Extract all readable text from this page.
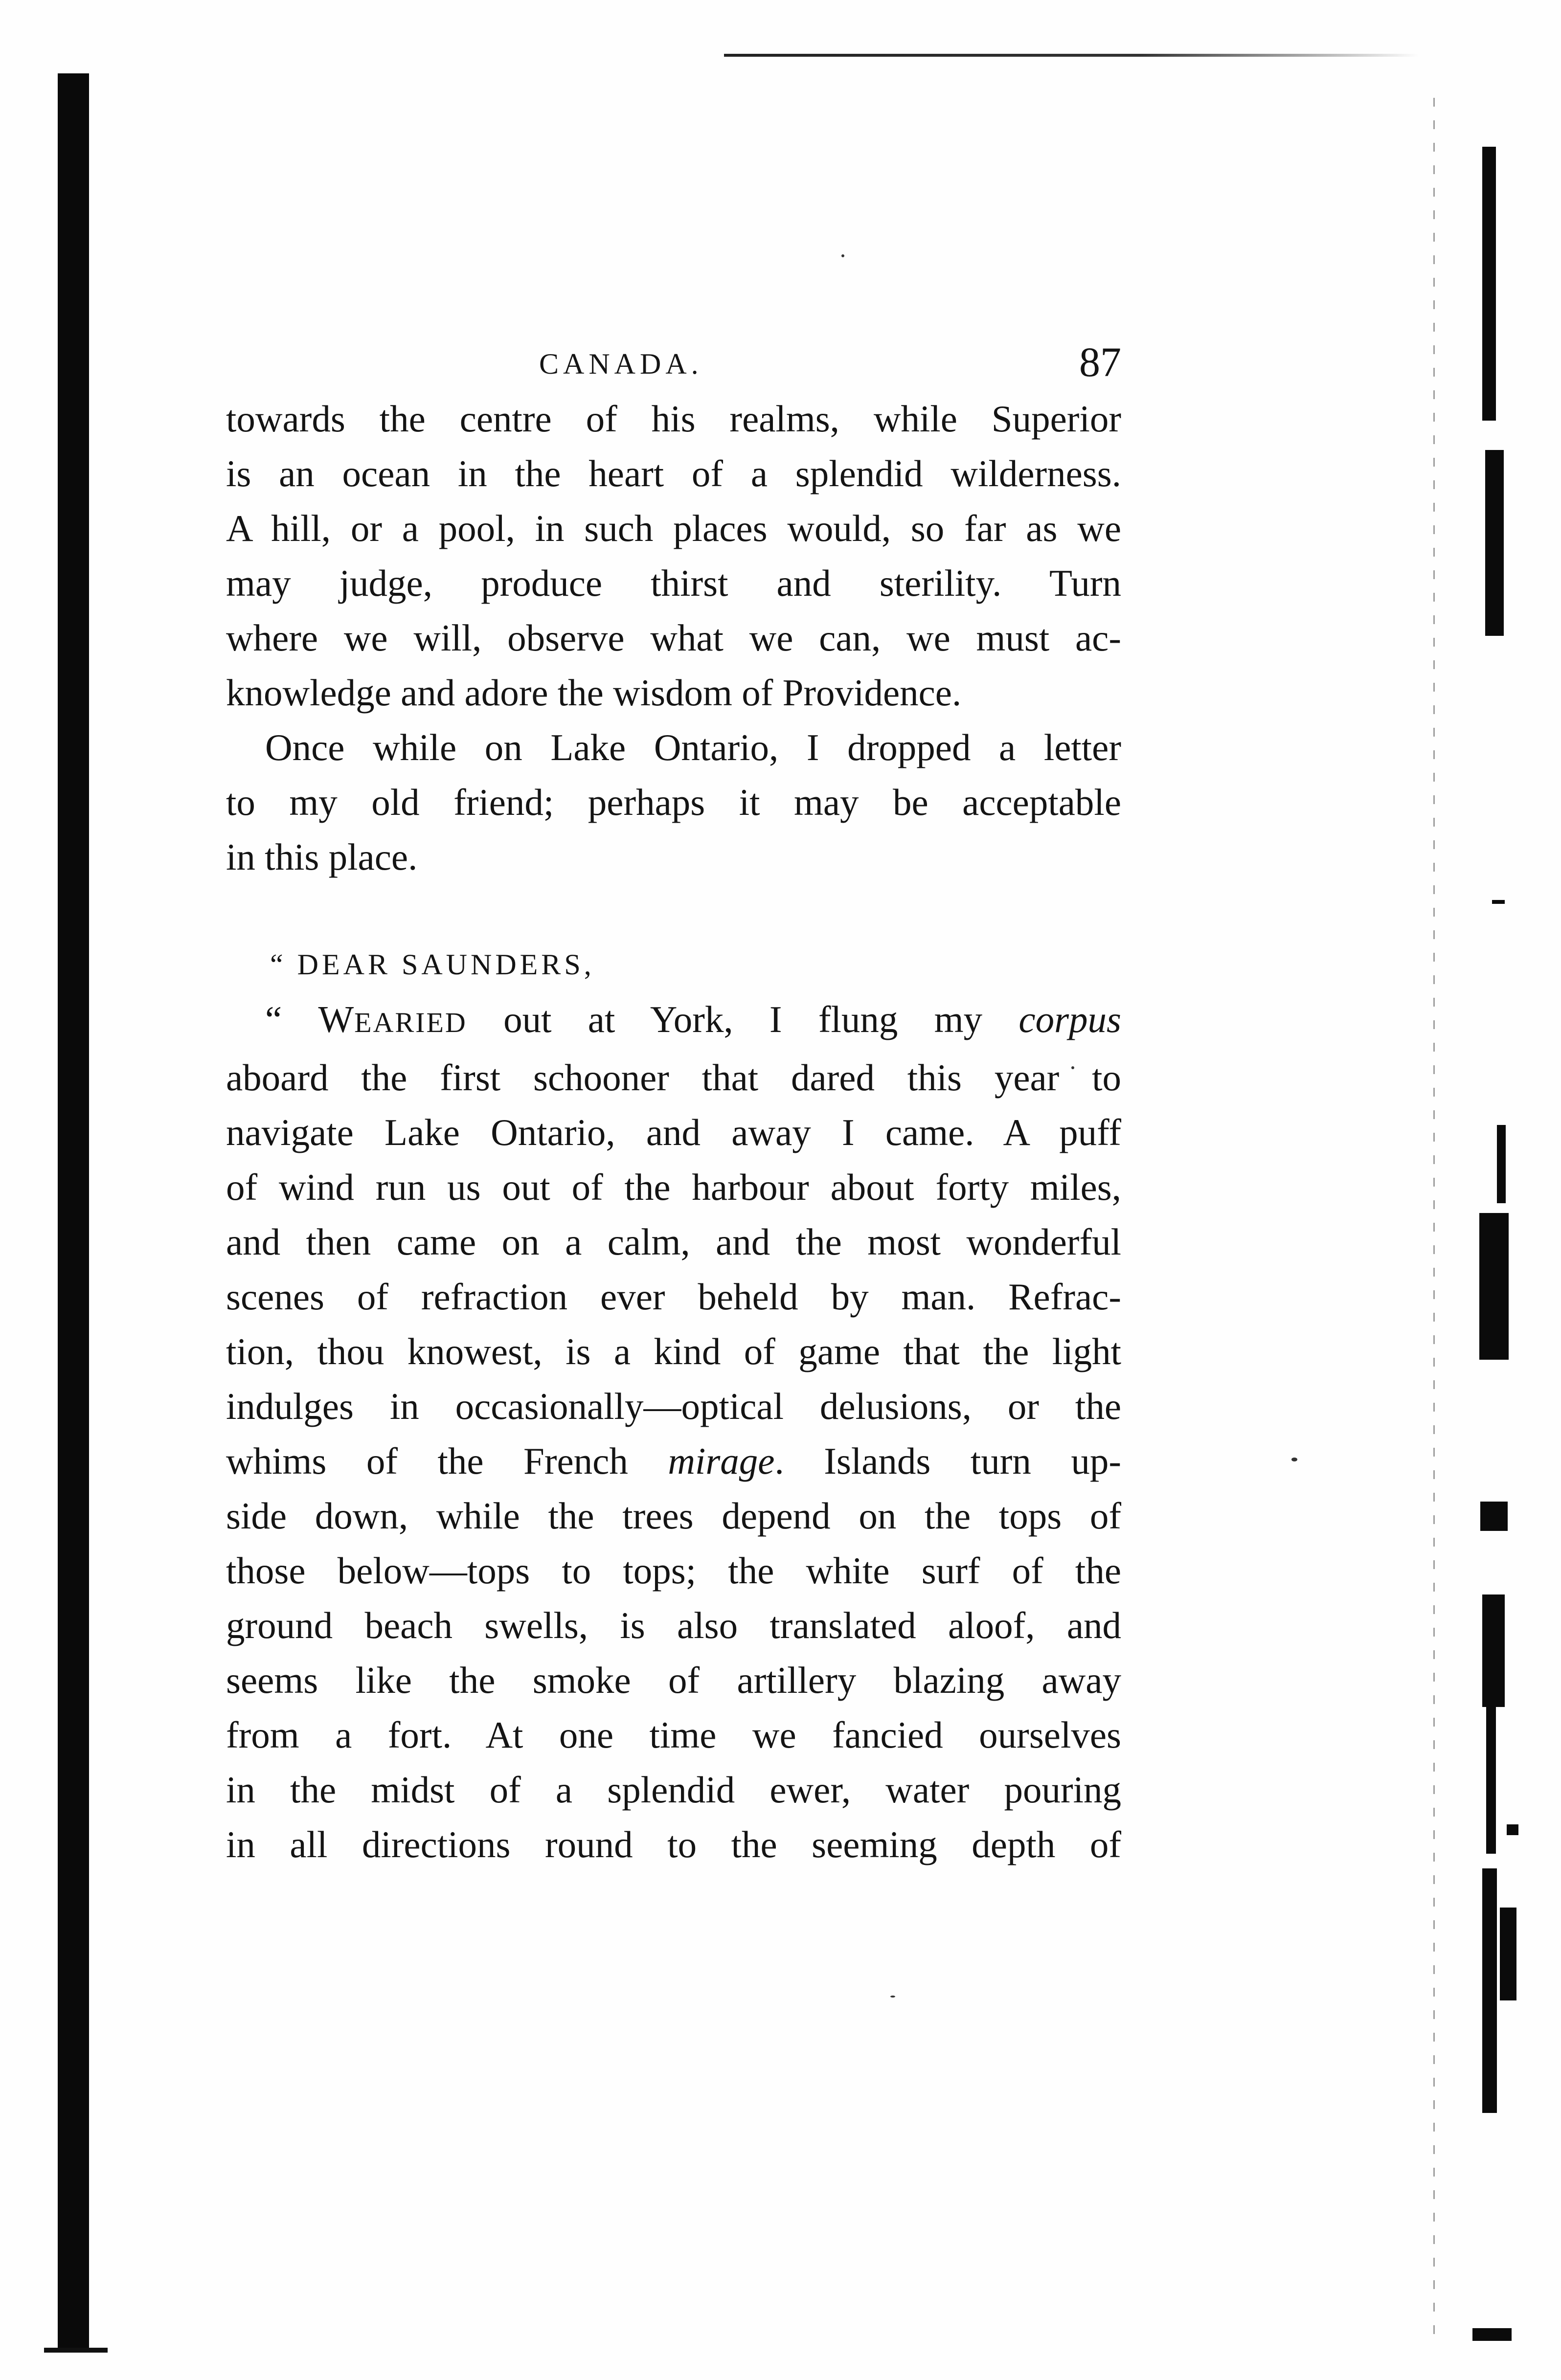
CANADA.	87
towards the centre of his realms, while Superior
is an ocean in the heart of a splendid wilderness.
A hill, or a pool, in such places would, so far as we
may judge, produce thirst and sterility. Turn
where we will, observe what we can, we must ac-
knowledge and adore the wisdom of Providence.
Once while on Lake Ontario, I dropped a letter
to my old friend; perhaps it may be acceptable
in this place.
“ DEAR SAUNDERS,
“ WEARIED out at York, I flung my corpus
aboard the first schooner that dared this year to
navigate Lake Ontario, and away I came. A puff
of wind run us out of the harbour about forty miles,
and then came on a calm, and the most wonderful
scenes of refraction ever beheld by man. Refrac-
tion, thou knowest, is a kind of game that the light
indulges in occasionally—optical delusions, or the
whims of the French mirage. Islands turn up-
side down, while the trees depend on the tops of
those below—tops to tops; the white surf of the
ground beach swells, is also translated aloof, and
seems like the smoke of artillery blazing away
from a fort. At one time we fancied ourselves
in the midst of a splendid ewer, water pouring
in all directions round to the seeming depth of
